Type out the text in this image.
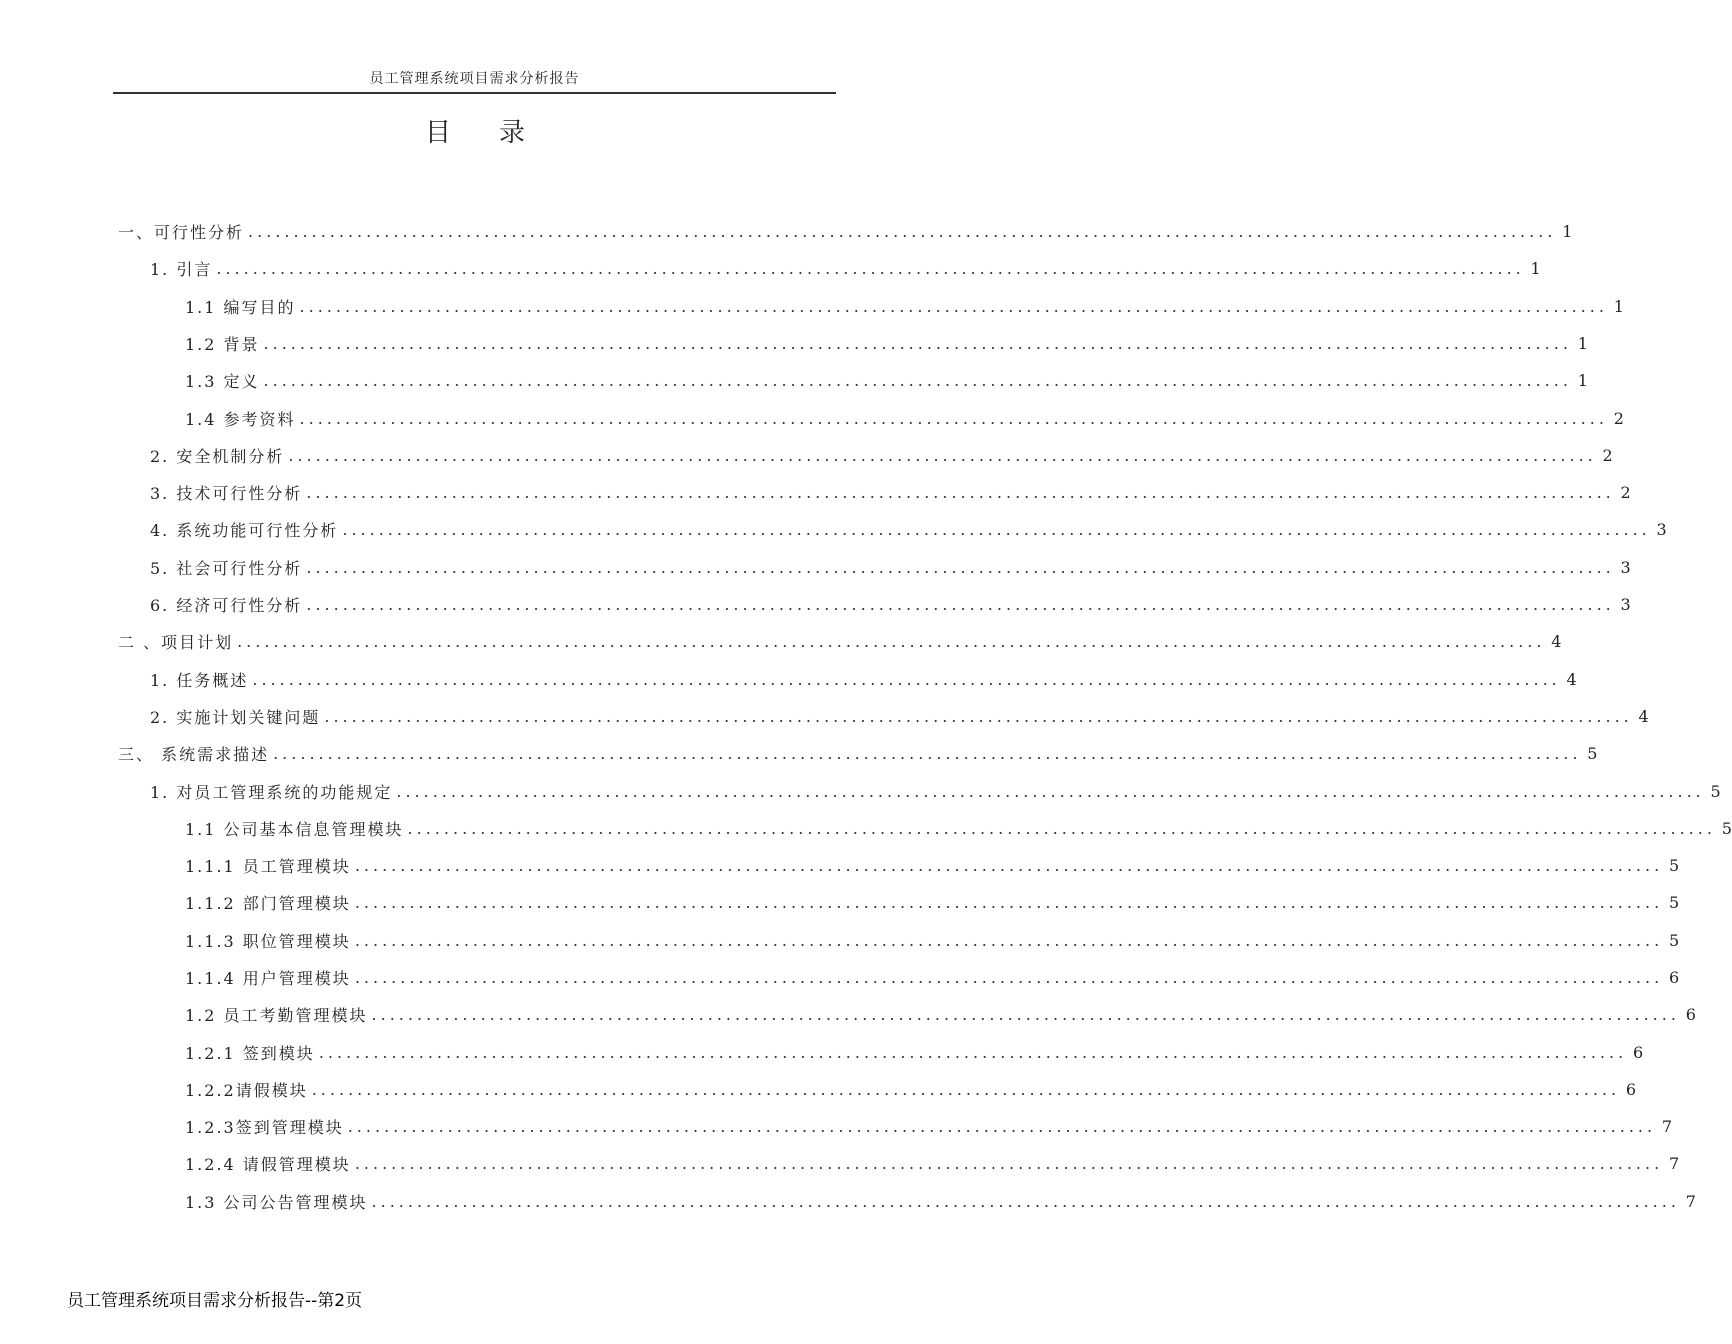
员工管理系统项目需求分析报告
目录
一、可行性分析 ................................................................................................................................................ 1
1. 引言 ................................................................................................................................................ 1
1.1 编写目的 ................................................................................................................................................ 1
1.2 背景 ................................................................................................................................................ 1
1.3 定义 ................................................................................................................................................ 1
1.4 参考资料 ................................................................................................................................................ 2
2. 安全机制分析 ................................................................................................................................................ 2
3. 技术可行性分析 ................................................................................................................................................ 2
4. 系统功能可行性分析 ................................................................................................................................................ 3
5. 社会可行性分析 ................................................................................................................................................ 3
6. 经济可行性分析 ................................................................................................................................................ 3
二 、项目计划 ................................................................................................................................................ 4
1. 任务概述 ................................................................................................................................................ 4
2. 实施计划关键问题 ................................................................................................................................................ 4
三、 系统需求描述 ................................................................................................................................................ 5
1. 对员工管理系统的功能规定 ................................................................................................................................................ 5
1.1 公司基本信息管理模块 ................................................................................................................................................ 5
1.1.1 员工管理模块 ................................................................................................................................................ 5
1.1.2 部门管理模块 ................................................................................................................................................ 5
1.1.3 职位管理模块 ................................................................................................................................................ 5
1.1.4 用户管理模块 ................................................................................................................................................ 6
1.2 员工考勤管理模块 ................................................................................................................................................ 6
1.2.1 签到模块 ................................................................................................................................................ 6
1.2.2请假模块 ................................................................................................................................................ 6
1.2.3签到管理模块 ................................................................................................................................................ 7
1.2.4 请假管理模块 ................................................................................................................................................ 7
1.3 公司公告管理模块 ................................................................................................................................................ 7
员工管理系统项目需求分析报告--第2页
